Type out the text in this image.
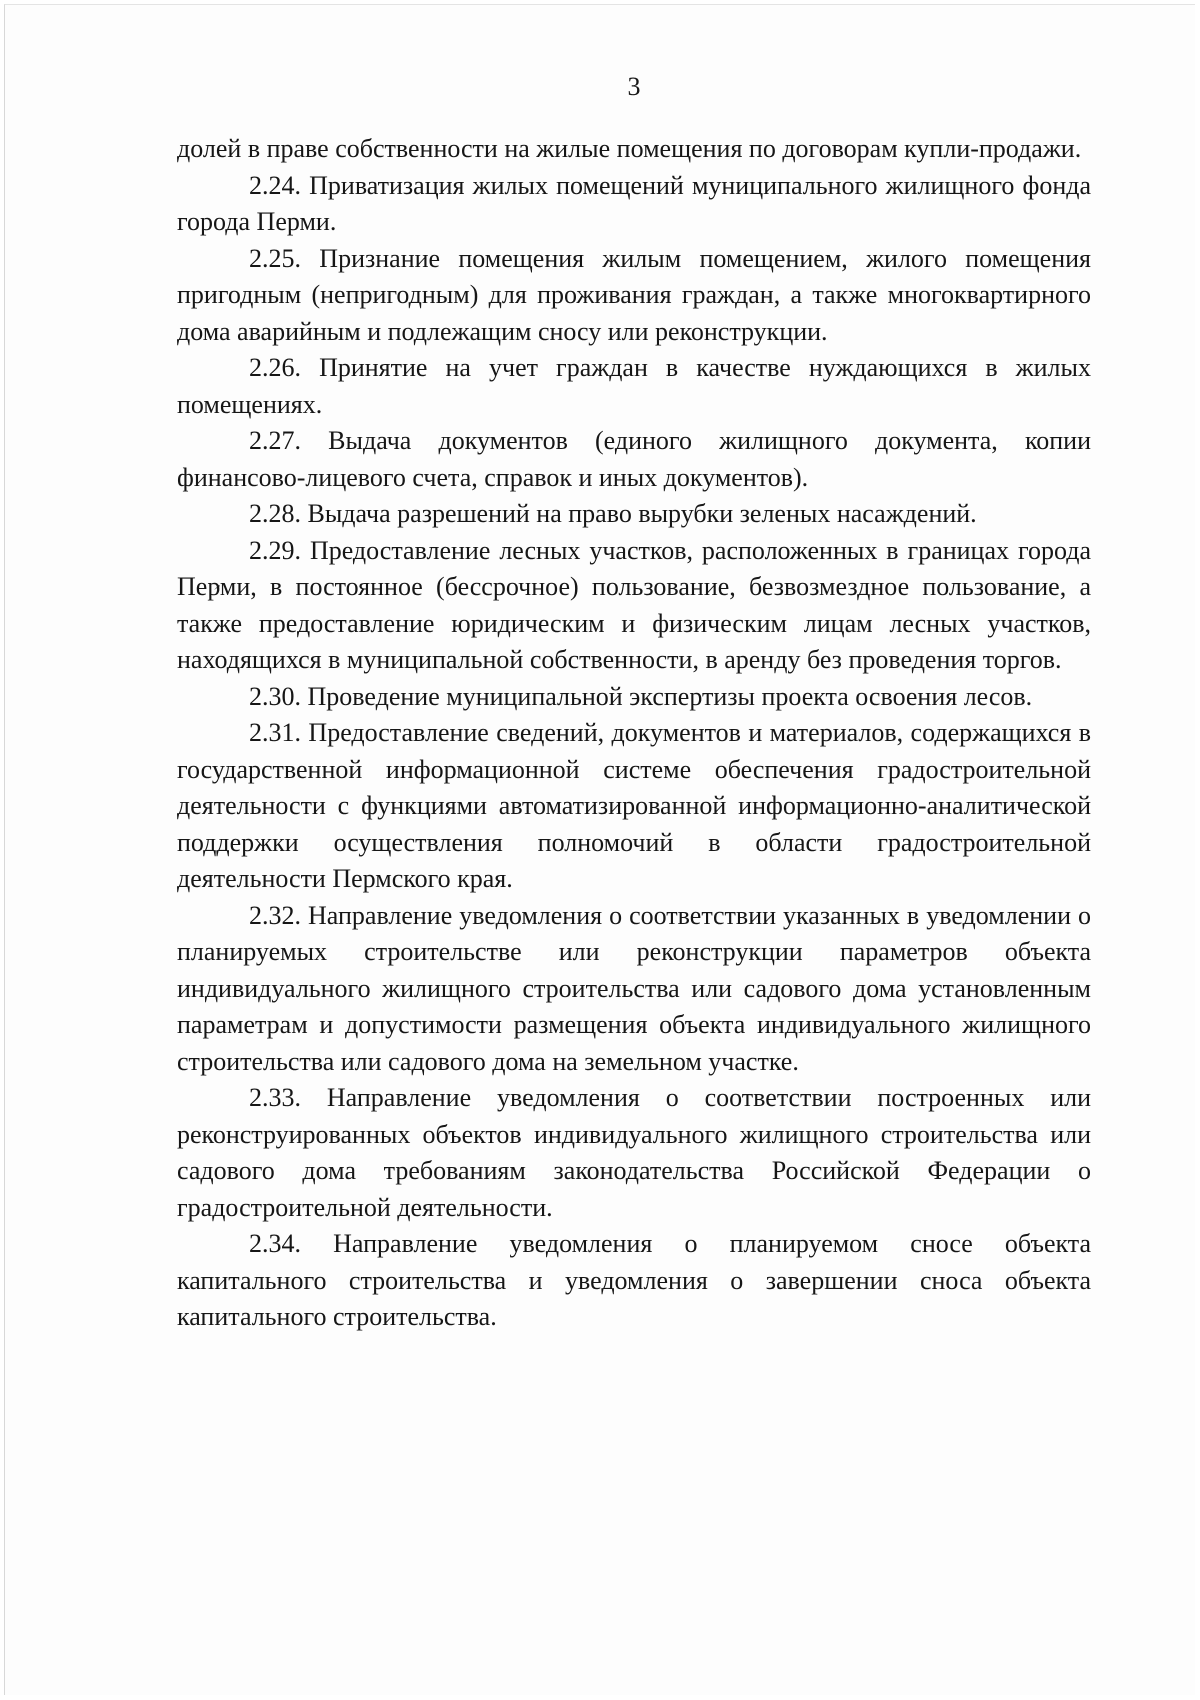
3

долей в праве собственности на жилые помещения по договорам купли-продажи.

2.24. Приватизация жилых помещений муниципального жилищного фонда города Перми.

2.25. Признание помещения жилым помещением, жилого помещения пригодным (непригодным) для проживания граждан, а также многоквартирного дома аварийным и подлежащим сносу или реконструкции.

2.26. Принятие на учет граждан в качестве нуждающихся в жилых помещениях.

2.27. Выдача документов (единого жилищного документа, копии финансово-лицевого счета, справок и иных документов).

2.28. Выдача разрешений на право вырубки зеленых насаждений.

2.29. Предоставление лесных участков, расположенных в границах города Перми, в постоянное (бессрочное) пользование, безвозмездное пользование, а также предоставление юридическим и физическим лицам лесных участков, находящихся в муниципальной собственности, в аренду без проведения торгов.

2.30. Проведение муниципальной экспертизы проекта освоения лесов.

2.31. Предоставление сведений, документов и материалов, содержащихся в государственной информационной системе обеспечения градостроительной деятельности с функциями автоматизированной информационно-аналитической поддержки осуществления полномочий в области градостроительной деятельности Пермского края.

2.32. Направление уведомления о соответствии указанных в уведомлении о планируемых строительстве или реконструкции параметров объекта индивидуального жилищного строительства или садового дома установленным параметрам и допустимости размещения объекта индивидуального жилищного строительства или садового дома на земельном участке.

2.33. Направление уведомления о соответствии построенных или реконструированных объектов индивидуального жилищного строительства или садового дома требованиям законодательства Российской Федерации о градостроительной деятельности.

2.34. Направление уведомления о планируемом сносе объекта капитального строительства и уведомления о завершении сноса объекта капитального строительства.
